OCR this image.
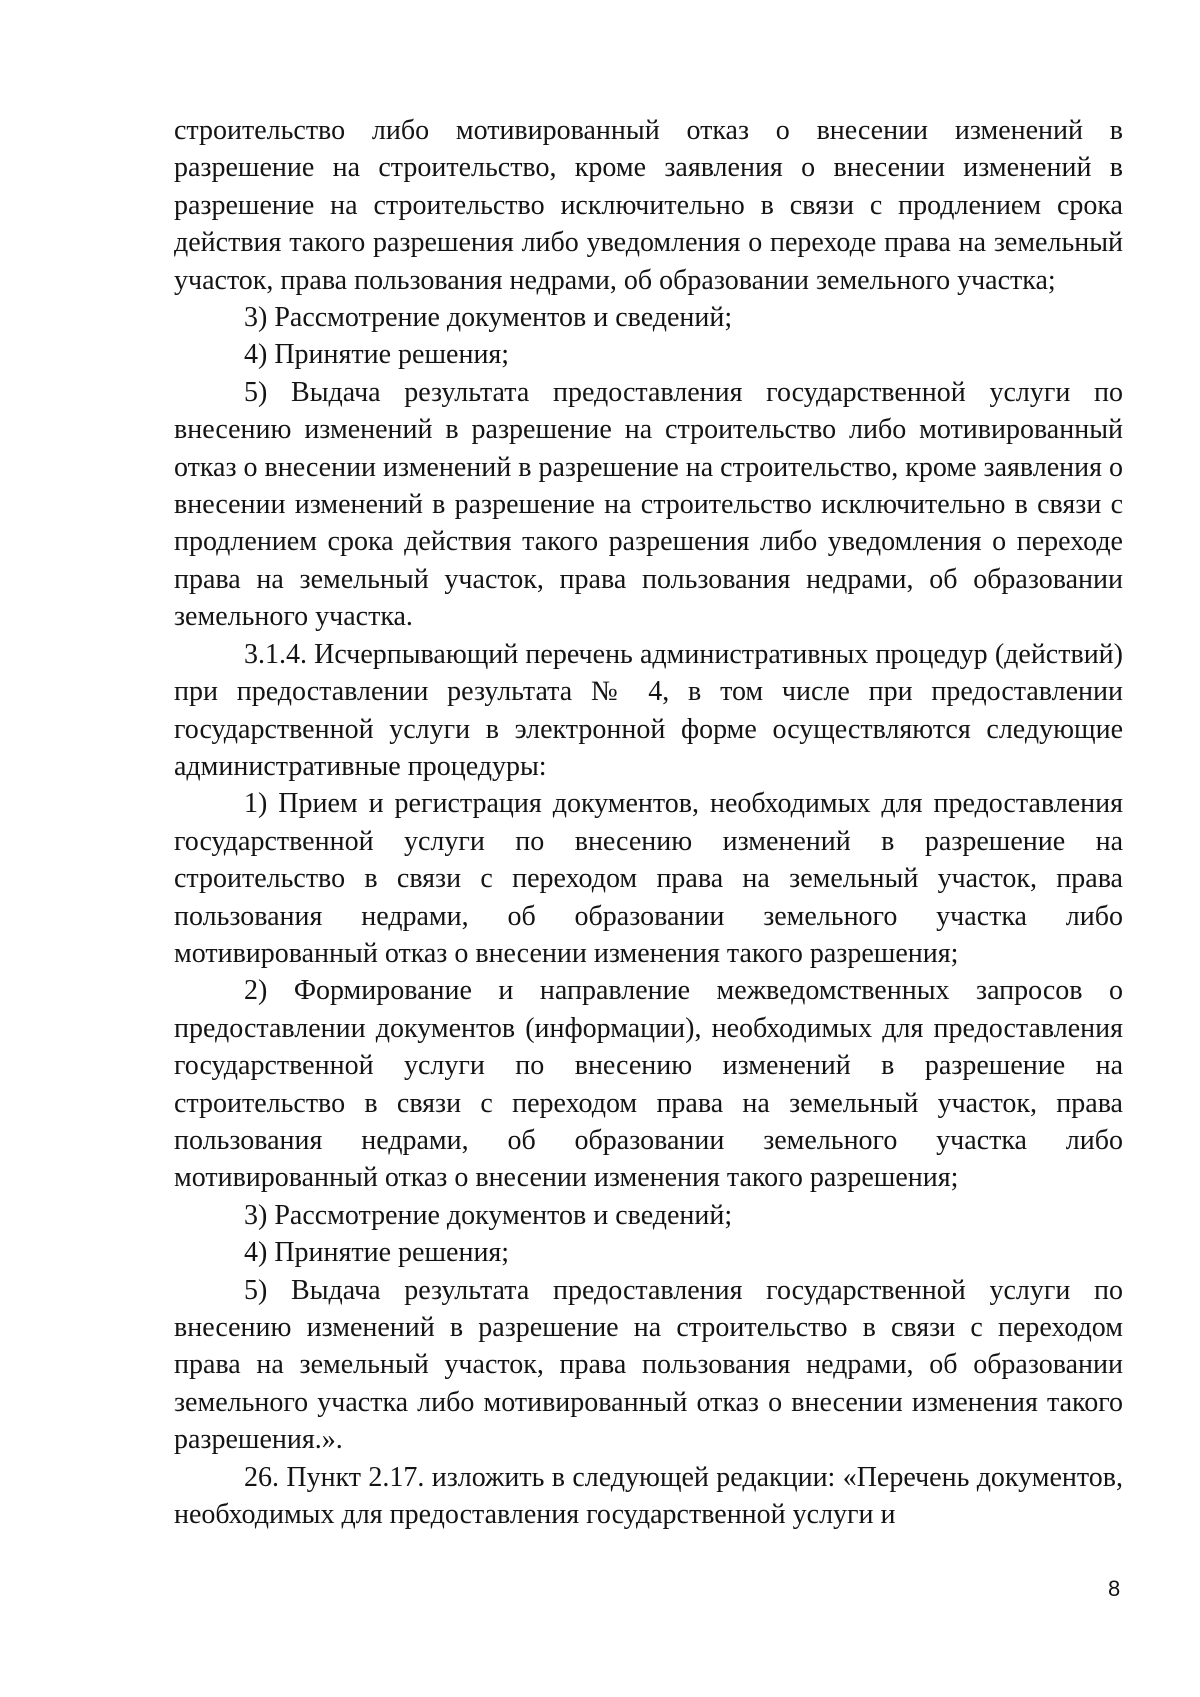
строительство либо мотивированный отказ о внесении изменений в разрешение на строительство, кроме заявления о внесении изменений в разрешение на строительство исключительно в связи с продлением срока действия такого разрешения либо уведомления о переходе права на земельный участок, права пользования недрами, об образовании земельного участка;

3) Рассмотрение документов и сведений;

4) Принятие решения;

5) Выдача результата предоставления государственной услуги по внесению изменений в разрешение на строительство либо мотивированный отказ о внесении изменений в разрешение на строительство, кроме заявления о внесении изменений в разрешение на строительство исключительно в связи с продлением срока действия такого разрешения либо уведомления о переходе права на земельный участок, права пользования недрами, об образовании земельного участка.

3.1.4. Исчерпывающий перечень административных процедур (действий) при предоставлении результата № 4, в том числе при предоставлении государственной услуги в электронной форме осуществляются следующие административные процедуры:

1) Прием и регистрация документов, необходимых для предоставления государственной услуги по внесению изменений в разрешение на строительство в связи с переходом права на земельный участок, права пользования недрами, об образовании земельного участка либо мотивированный отказ о внесении изменения такого разрешения;

2) Формирование и направление межведомственных запросов о предоставлении документов (информации), необходимых для предоставления государственной услуги по внесению изменений в разрешение на строительство в связи с переходом права на земельный участок, права пользования недрами, об образовании земельного участка либо мотивированный отказ о внесении изменения такого разрешения;

3) Рассмотрение документов и сведений;

4) Принятие решения;

5) Выдача результата предоставления государственной услуги по внесению изменений в разрешение на строительство в связи с переходом права на земельный участок, права пользования недрами, об образовании земельного участка либо мотивированный отказ о внесении изменения такого разрешения.».

26. Пункт 2.17. изложить в следующей редакции: «Перечень документов, необходимых для предоставления государственной услуги и

8
